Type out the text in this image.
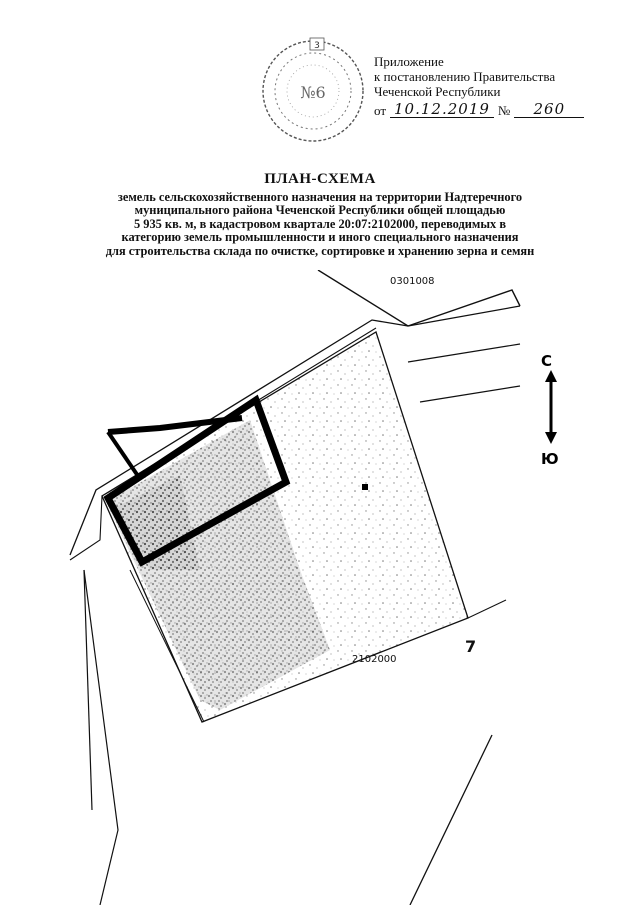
3
№6
Приложение
к постановлению Правительства
Чеченской Республики
от 10.12.2019 №	260
ПЛАН-СХЕМА
земель сельскохозяйственного назначения на территории Надтеречного
муниципального района Чеченской Республики общей площадью
5 935 кв. м, в кадастровом квартале 20:07:2102000, переводимых в
категорию земель промышленности и иного специального назначения
для строительства склада по очистке, сортировке и хранению зерна и семян
0301008
2102000
7
С
Ю
